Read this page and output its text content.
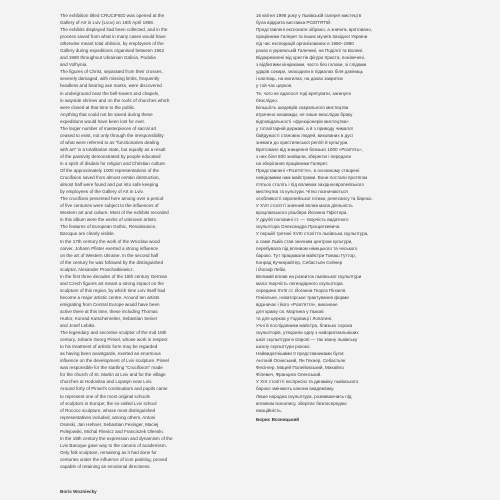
The exhibition titled CRUCIFIED was opened at the
Gallery of Art in Lviv (Lvov) on 16th April 1998.
The exhibits displayed had been collected, and in the
process saved from what in many cases would have
otherwise meant total oblivion, by employees of the
Gallery during expeditions organised between 1962
and 1980 throughout Ukrainian Galicia, Podolia
and Volhynia.
The figures of Christ, separated from their crosses,
severely damaged, with missing limbs, frequently
headless and bearing axe marks, were discovered
in underground near the bell-towers and chapels,
in wayside shrines and on the roofs of churches which
were closed at that time to the public.
Anything that could not be saved during these
expeditions would have been lost for ever.
The larger number of masterpieces of sacral art
ceased to exist, not only through the irresponsibility
of what were referred to as "functionaries dealing
with art" in a totalitarian state, but equally as a result
of the passivity demonstrated by people educated
in a spirit of disdain for religion and Christian culture.
Of the approximately 1000 representations of the
Crucifixion saved from almost certain destruction,
almost half were found and put into safe keeping
by employees of the Gallery of Art in Lviv.
The crucifixes presented here among over a period
of five centuries were subject to the influences of
Western art and culture. Most of the exhibits recorded
in this album were the works of unknown artists.
The features of European Gothic, Renaissance,
Baroque are clearly visible.
In the 17th century the work of the Wroclaw wood
carver, Johann Pfister exerted a strong influence
on the art of Western Ukraine. In the second half
of the century he was followed by the distinguished
sculptor, Alexander Proschatkiewicz.
In the first three decades of the 18th century German
and Czech figures art meant a strong impact on the
sculpture of this region, by which time Lviv itself had
become a major artistic centre. Around ten artists
emigrating from Central Europe would have been
active there at this time, these including Thomas
Huttor, Konrad Kutschenreiter, Sebastian Seiner
and Josef Lebiks.
The legendary and secretive sculptor of the mid 18th
century, Johann Georg Pinsel, whose work in respect
to his treatment of artistic form may be regarded
as having been avantgarde, exerted an enormous
influence on the development of Lviv sculpture. Pinsel
was responsible for the startling "Crucifixion" made
for the church of St. Martin at Lviv and for the village
churches at Hodovitsa and Lopatyn near Lviv.
Around forty of Pinsel's continuators and pupils came
to represent one of the most original schools
of sculptors in Europe; the so-called Lviv school
of Rococo sculpture, whose most distinguished
representatives included, among others, Antoni
Osinski, Jan Hehner, Sebastian Fesinger, Maciej
Polejowski, Michal Filevicz and Franciszek Olenski.
In the 19th century the expression and dynamism of the
Lviv Baroque gave way to the canons of academism.
Only folk sculpture, remaining as it had done for
centuries under the influence of icon painting, proved
capable of retaining an emotional directness.
16 квітня 1998 року у Львівській галереї мистецтв
була відкрита виставка РОЗП'ЯТІЙ.
Представлені експонати зібрано, а значить врятовано,
працівники Галереї та інших музеїв Західної України
під час експедицій організованих в 1960–1980
роках в українській Галичині, на Поділлі та Волині.
Відокремлені від хрестів фігури Христа, понівечені,
з відбитими кінцівками, часто без голови, зі слідами
ударів сокири, знаходили в підвалах біля дзвіниць
і каплиць, на могилах, на дахах закритих
у той час церков.
Те, чого не вдалося тоді врятувати, загинуло
безслідно.
Більшість шедеврів сакрального мистецтва
втрачено назавжди, не лише внаслідок браку
відповідальності «функціонерів мистецтва»
у тоталітарній державі, а й з приводу чималої
байдужості станових людей, вихованих в дусі
зневаги до християнської релігії й культури.
Врятовано від знищення близько 1000 «Розп'ять»,
з них біля 500 знайшли, зберегли і передали
на зберігання працівники Галереї.
Представлені «Розп'яття», в основному створені
невідомими нам майстрами. Вони постали протягом
п'ятьох століть і під впливом західноєвропейського
мистецтва та культури. Чітко позначаються
особливості європейської готики, ренесансу та бароко.
У XVII столітті значний вплив мала діяльність
вроцлавського різьбяра Йоганна Пфістера.
У другій половині ст. — творчість видатного
скульптора Олександра Прощаткевича.
У першій третині XVIII століття львівська скульптура,
а саме Львів став значним центром культури,
перебувала під впливом німецького та чеського
бароко. Тут працювали майстри Томаш Гуттор,
Конрад Кучинрайтер, Себастьян Сейнер
і Йосиф Лебік.
Великий вплив на розвиток львівської скульптури
мала творчість легендарного скульптора
середини XVIII ст. Йоганна Георга Пінзеля.
Геніальне, новаторське трактування форми
відзначає і його «Розп'яття», виконане
для храму св. Мартина у Львові
та для церков у Годовиці і Лопатині.
Учні й послідовники майстра, близько сорока
скульпторів, утворили одну з найоригінальніших
шкіл скульптури в Європі — так звану львівську
школу скульптури рококо.
Найвидатнішими її представниками були:
Антоній Осинський, Ян Гехнер, Себастьян
Фесінгер, Мацей Полейовський, Михайло
Філевич, Франциск Оленський.
У XIX столітті експресію та динаміку львівського
бароко змінюють канони академізму.
Лише народна скульптура, розвиваючись під
впливом іконопису, зберігає безпосередню
емоційність.
Boris Wozniecky
Борис Возницький
